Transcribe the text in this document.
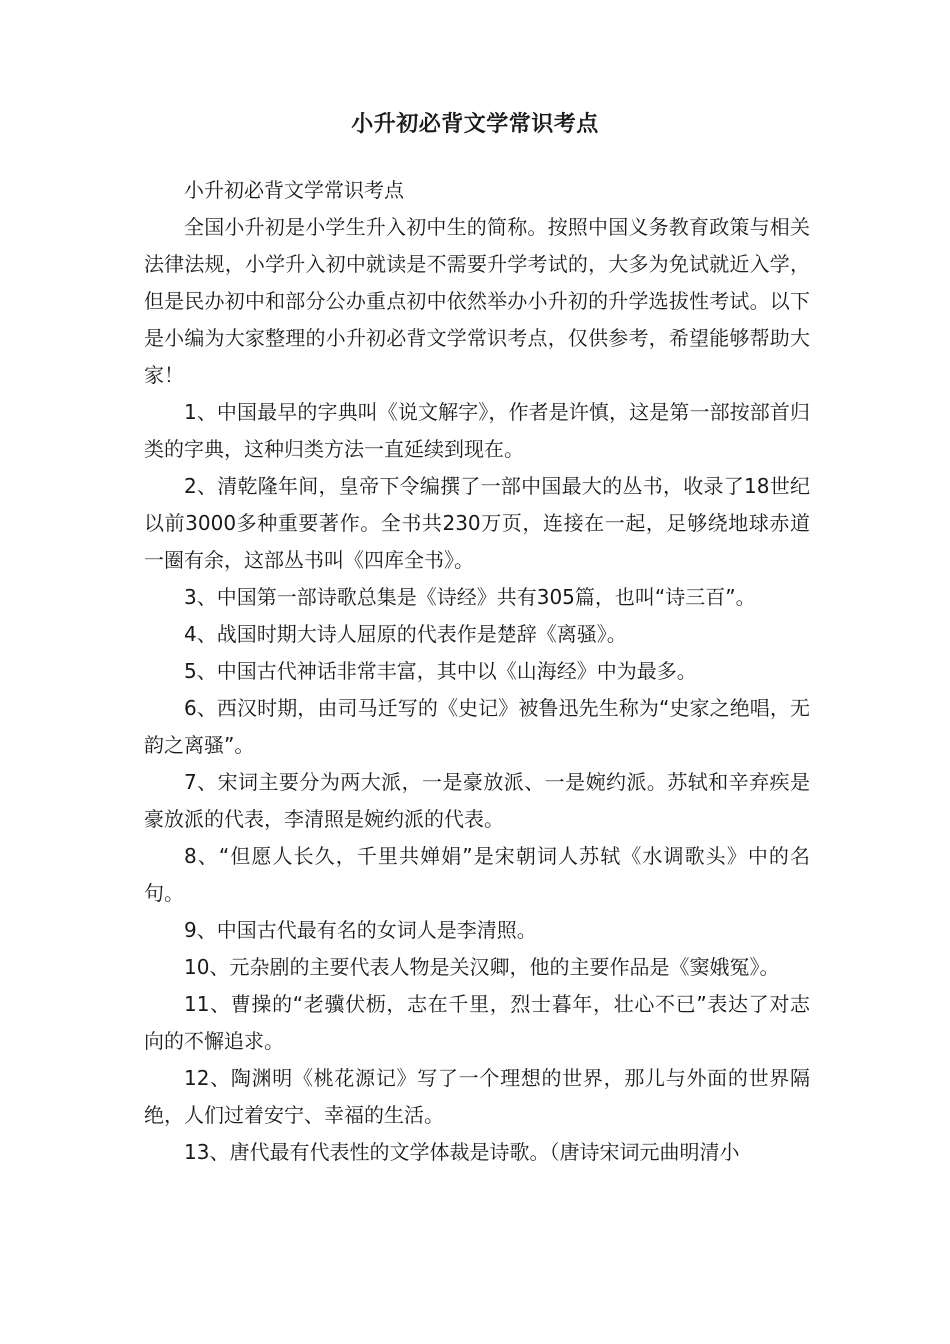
小升初必背文学常识考点

小升初必背文学常识考点

全国小升初是小学生升入初中生的简称。按照中国义务教育政策与相关法律法规，小学升入初中就读是不需要升学考试的，大多为免试就近入学，但是民办初中和部分公办重点初中依然举办小升初的升学选拔性考试。以下是小编为大家整理的小升初必背文学常识考点，仅供参考，希望能够帮助大家！

1、中国最早的字典叫《说文解字》，作者是许慎，这是第一部按部首归类的字典，这种归类方法一直延续到现在。

2、清乾隆年间，皇帝下令编撰了一部中国最大的丛书，收录了18世纪以前3000多种重要著作。全书共230万页，连接在一起，足够绕地球赤道一圈有余，这部丛书叫《四库全书》。

3、中国第一部诗歌总集是《诗经》共有305篇，也叫“诗三百”。

4、战国时期大诗人屈原的代表作是楚辞《离骚》。

5、中国古代神话非常丰富，其中以《山海经》中为最多。

6、西汉时期，由司马迁写的《史记》被鲁迅先生称为“史家之绝唱，无韵之离骚”。

7、宋词主要分为两大派，一是豪放派、一是婉约派。苏轼和辛弃疾是豪放派的代表，李清照是婉约派的代表。

8、“但愿人长久，千里共婵娟”是宋朝词人苏轼《水调歌头》中的名句。

9、中国古代最有名的女词人是李清照。

10、元杂剧的主要代表人物是关汉卿，他的主要作品是《窦娥冤》。

11、曹操的“老骥伏枥，志在千里，烈士暮年，壮心不已”表达了对志向的不懈追求。

12、陶渊明《桃花源记》写了一个理想的世界，那儿与外面的世界隔绝，人们过着安宁、幸福的生活。

13、唐代最有代表性的文学体裁是诗歌。（唐诗宋词元曲明清小
